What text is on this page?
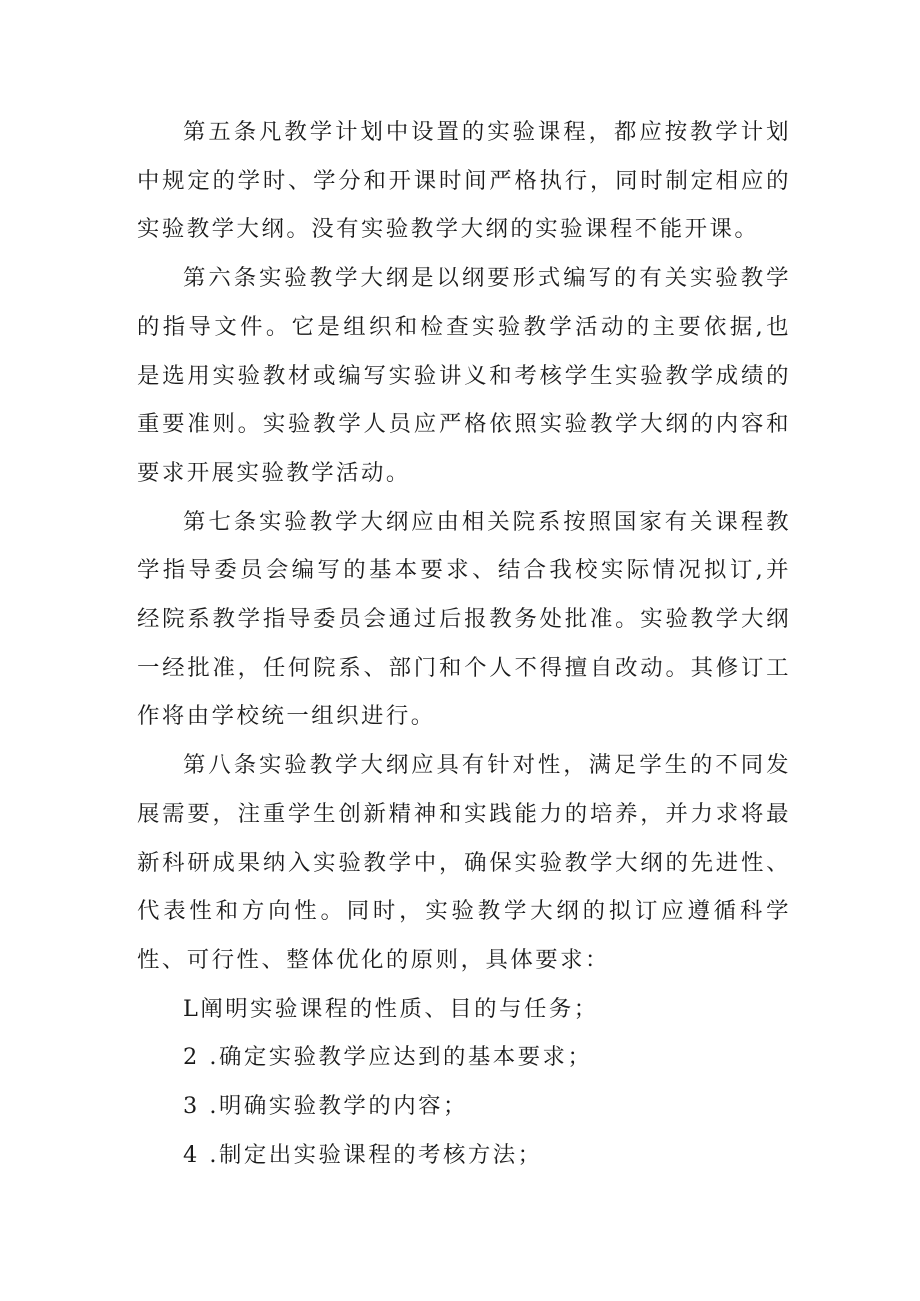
第五条凡教学计划中设置的实验课程，都应按教学计划中规定的学时、学分和开课时间严格执行，同时制定相应的实验教学大纲。没有实验教学大纲的实验课程不能开课。

第六条实验教学大纲是以纲要形式编写的有关实验教学的指导文件。它是组织和检查实验教学活动的主要依据,也是选用实验教材或编写实验讲义和考核学生实验教学成绩的重要准则。实验教学人员应严格依照实验教学大纲的内容和要求开展实验教学活动。

第七条实验教学大纲应由相关院系按照国家有关课程教学指导委员会编写的基本要求、结合我校实际情况拟订,并经院系教学指导委员会通过后报教务处批准。实验教学大纲一经批准，任何院系、部门和个人不得擅自改动。其修订工作将由学校统一组织进行。

第八条实验教学大纲应具有针对性，满足学生的不同发展需要，注重学生创新精神和实践能力的培养，并力求将最新科研成果纳入实验教学中，确保实验教学大纲的先进性、代表性和方向性。同时，实验教学大纲的拟订应遵循科学性、可行性、整体优化的原则，具体要求：

L阐明实验课程的性质、目的与任务；

2 .确定实验教学应达到的基本要求；

3 .明确实验教学的内容；

4 .制定出实验课程的考核方法；
